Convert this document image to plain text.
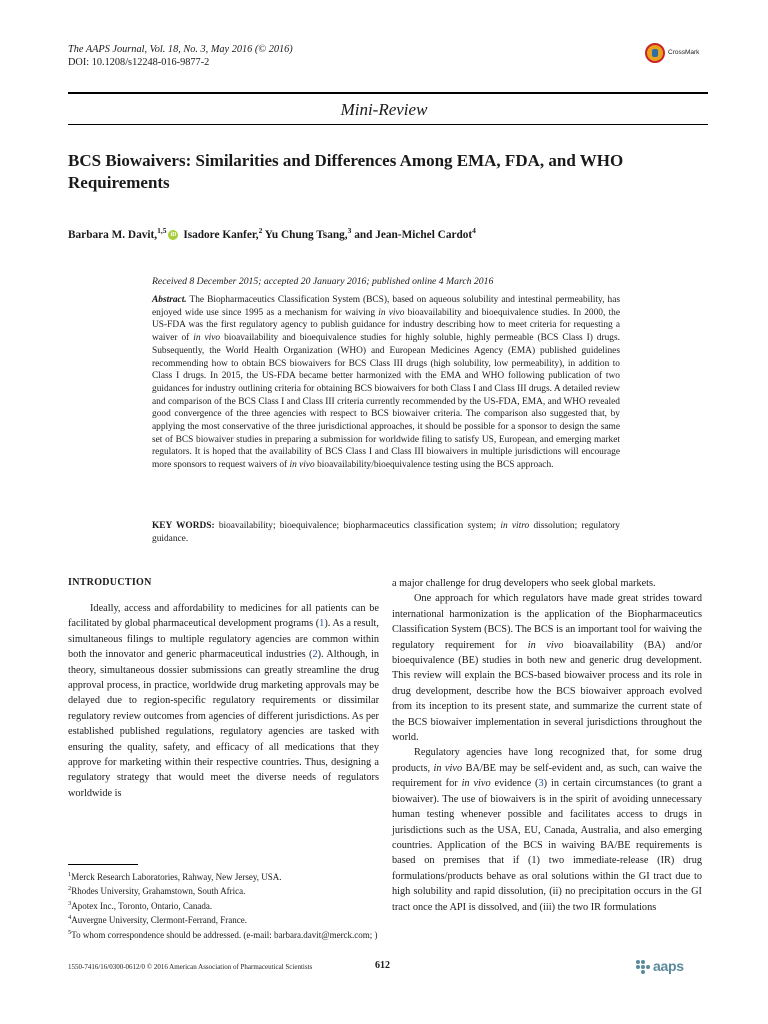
The AAPS Journal, Vol. 18, No. 3, May 2016 (© 2016)
DOI: 10.1208/s12248-016-9877-2
CrossMark
Mini-Review
BCS Biowaivers: Similarities and Differences Among EMA, FDA, and WHO Requirements
Barbara M. Davit,$^{1,5}$iD Isadore Kanfer,$^2$ Yu Chung Tsang,$^3$ and Jean-Michel Cardot$^4$
Received 8 December 2015; accepted 20 January 2016; published online 4 March 2016
Abstract. The Biopharmaceutics Classification System (BCS), based on aqueous solubility and intestinal permeability, has enjoyed wide use since 1995 as a mechanism for waiving in vivo bioavailability and bioequivalence studies. In 2000, the US-FDA was the first regulatory agency to publish guidance for industry describing how to meet criteria for requesting a waiver of in vivo bioavailability and bioequivalence studies for highly soluble, highly permeable (BCS Class I) drugs. Subsequently, the World Health Organization (WHO) and European Medicines Agency (EMA) published guidelines recommending how to obtain BCS biowaivers for BCS Class III drugs (high solubility, low permeability), in addition to Class I drugs. In 2015, the US-FDA became better harmonized with the EMA and WHO following publication of two guidances for industry outlining criteria for obtaining BCS biowaivers for both Class I and Class III drugs. A detailed review and comparison of the BCS Class I and Class III criteria currently recommended by the US-FDA, EMA, and WHO revealed good convergence of the three agencies with respect to BCS biowaiver criteria. The comparison also suggested that, by applying the most conservative of the three jurisdictional approaches, it should be possible for a sponsor to design the same set of BCS biowaiver studies in preparing a submission for worldwide filing to satisfy US, European, and emerging market regulators. It is hoped that the availability of BCS Class I and Class III biowaivers in multiple jurisdictions will encourage more sponsors to request waivers of in vivo bioavailability/bioequivalence testing using the BCS approach.
KEY WORDS: bioavailability; bioequivalence; biopharmaceutics classification system; in vitro dissolution; regulatory guidance.
INTRODUCTION

Ideally, access and affordability to medicines for all patients can be facilitated by global pharmaceutical development programs (1). As a result, simultaneous filings to multiple regulatory agencies are common within both the innovator and generic pharmaceutical industries (2). Although, in theory, simultaneous dossier submissions can greatly streamline the drug approval process, in practice, worldwide drug marketing approvals may be delayed due to region-specific regulatory requirements or dissimilar regulatory review outcomes from agencies of different jurisdictions. As per established published regulations, regulatory agencies are tasked with ensuring the quality, safety, and efficacy of all medications that they approve for marketing within their respective countries. Thus, designing a regulatory strategy that would meet the diverse needs of regulators worldwide is

a major challenge for drug developers who seek global markets.

One approach for which regulators have made great strides toward international harmonization is the application of the Biopharmaceutics Classification System (BCS). The BCS is an important tool for waiving the regulatory requirement for in vivo bioavailability (BA) and/or bioequivalence (BE) studies in both new and generic drug development. This review will explain the BCS-based biowaiver process and its role in drug development, describe how the BCS biowaiver approach evolved from its inception to its present state, and summarize the current state of the BCS biowaiver implementation in several jurisdictions throughout the world.

Regulatory agencies have long recognized that, for some drug products, in vivo BA/BE may be self-evident and, as such, can waive the requirement for in vivo evidence (3) in certain circumstances (to grant a biowaiver). The use of biowaivers is in the spirit of avoiding unnecessary human testing whenever possible and facilitates access to drugs in jurisdictions such as the USA, EU, Canada, Australia, and also emerging countries. Application of the BCS in waiving BA/BE requirements is based on premises that if (1) two immediate-release (IR) drug formulations/products behave as oral solutions within the GI tract due to high solubility and rapid dissolution, (ii) no precipitation occurs in the GI tract once the API is dissolved, and (iii) the two IR formulations

$^1$Merck Research Laboratories, Rahway, New Jersey, USA.
$^2$Rhodes University, Grahamstown, South Africa.
$^3$Apotex Inc., Toronto, Ontario, Canada.
$^4$Auvergne University, Clermont-Ferrand, France.
$^5$To whom correspondence should be addressed. (e-mail: barbara.davit@merck.com; )
1550-7416/16/0300-0612/0 © 2016 American Association of Pharmaceutical Scientists	612	aaps
